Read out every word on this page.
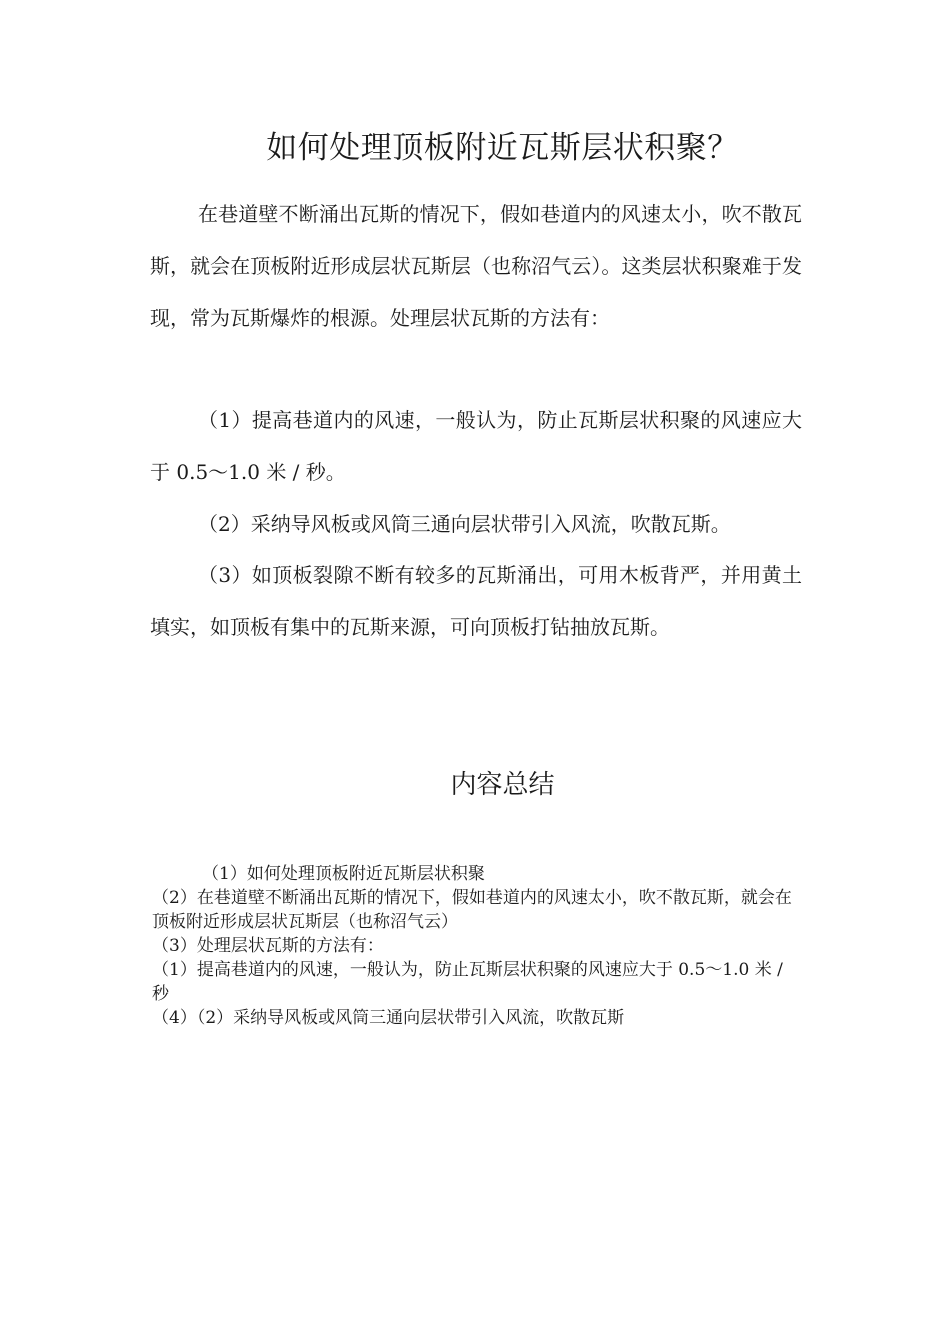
如何处理顶板附近瓦斯层状积聚？

在巷道壁不断涌出瓦斯的情况下，假如巷道内的风速太小，吹不散瓦斯，就会在顶板附近形成层状瓦斯层（也称沼气云）。这类层状积聚难于发现，常为瓦斯爆炸的根源。处理层状瓦斯的方法有：

（1）提高巷道内的风速，一般认为，防止瓦斯层状积聚的风速应大于 0.5～1.0 米 / 秒。

（2）采纳导风板或风筒三通向层状带引入风流，吹散瓦斯。

（3）如顶板裂隙不断有较多的瓦斯涌出，可用木板背严，并用黄土填实，如顶板有集中的瓦斯来源，可向顶板打钻抽放瓦斯。

内容总结
（1）如何处理顶板附近瓦斯层状积聚
（2）在巷道壁不断涌出瓦斯的情况下，假如巷道内的风速太小，吹不散瓦斯，就会在顶板附近形成层状瓦斯层（也称沼气云）
（3）处理层状瓦斯的方法有：
（1）提高巷道内的风速，一般认为，防止瓦斯层状积聚的风速应大于 0.5～1.0 米 / 秒
（4）（2）采纳导风板或风筒三通向层状带引入风流，吹散瓦斯
